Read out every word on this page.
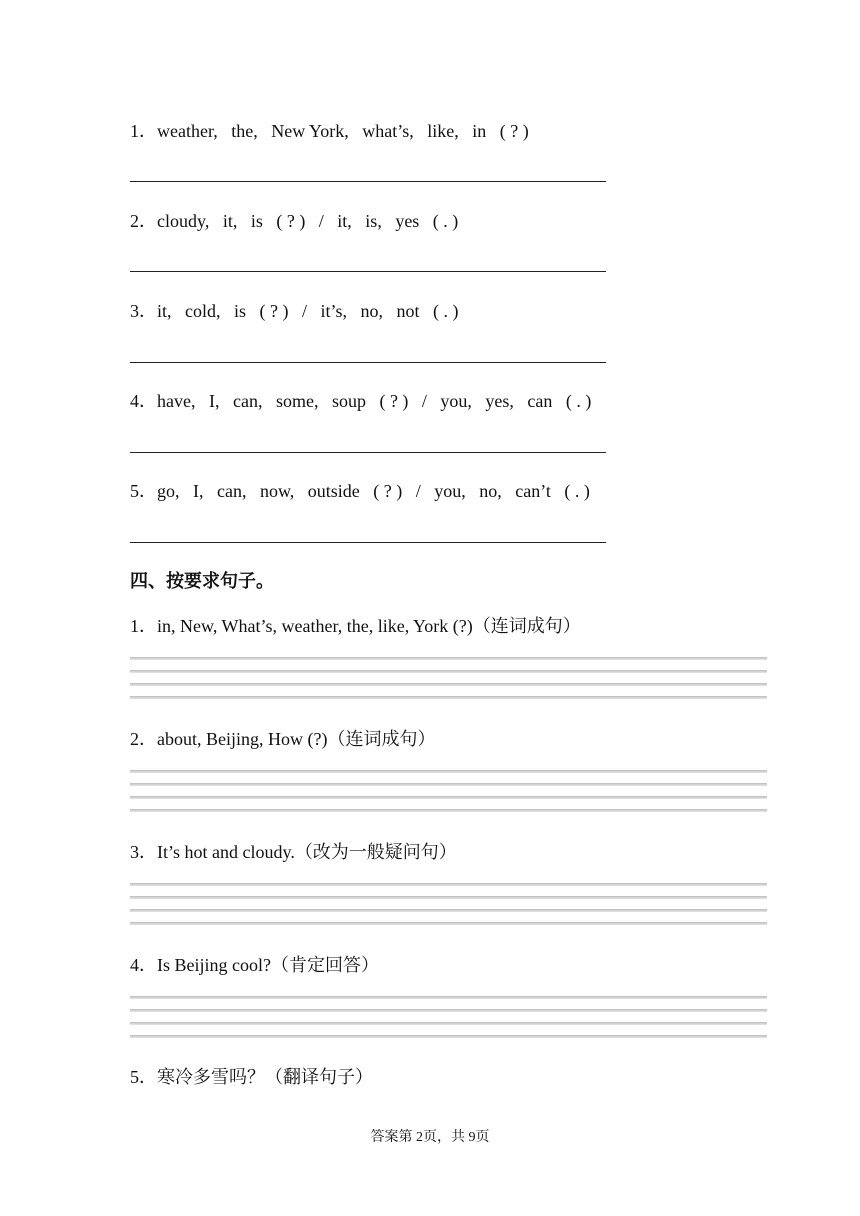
1．weather,   the,   New York,   what’s,   like,   in   ( ? )
2．cloudy,   it,   is   ( ? )   /   it,   is,   yes   ( . )
3．it,   cold,   is   ( ? )   /   it’s,   no,   not   ( . )
4．have,   I,   can,   some,   soup   ( ? )   /   you,   yes,   can   ( . )
5．go,   I,   can,   now,   outside   ( ? )   /   you,   no,   can’t   ( . )
四、按要求句子。
1．in, New, What’s, weather, the, like, York (?)（连词成句）
2．about, Beijing, How (?)（连词成句）
3．It’s hot and cloudy.（改为一般疑问句）
4．Is Beijing cool?（肯定回答）
5．寒冷多雪吗？（翻译句子）
答案第 2页，共 9页
